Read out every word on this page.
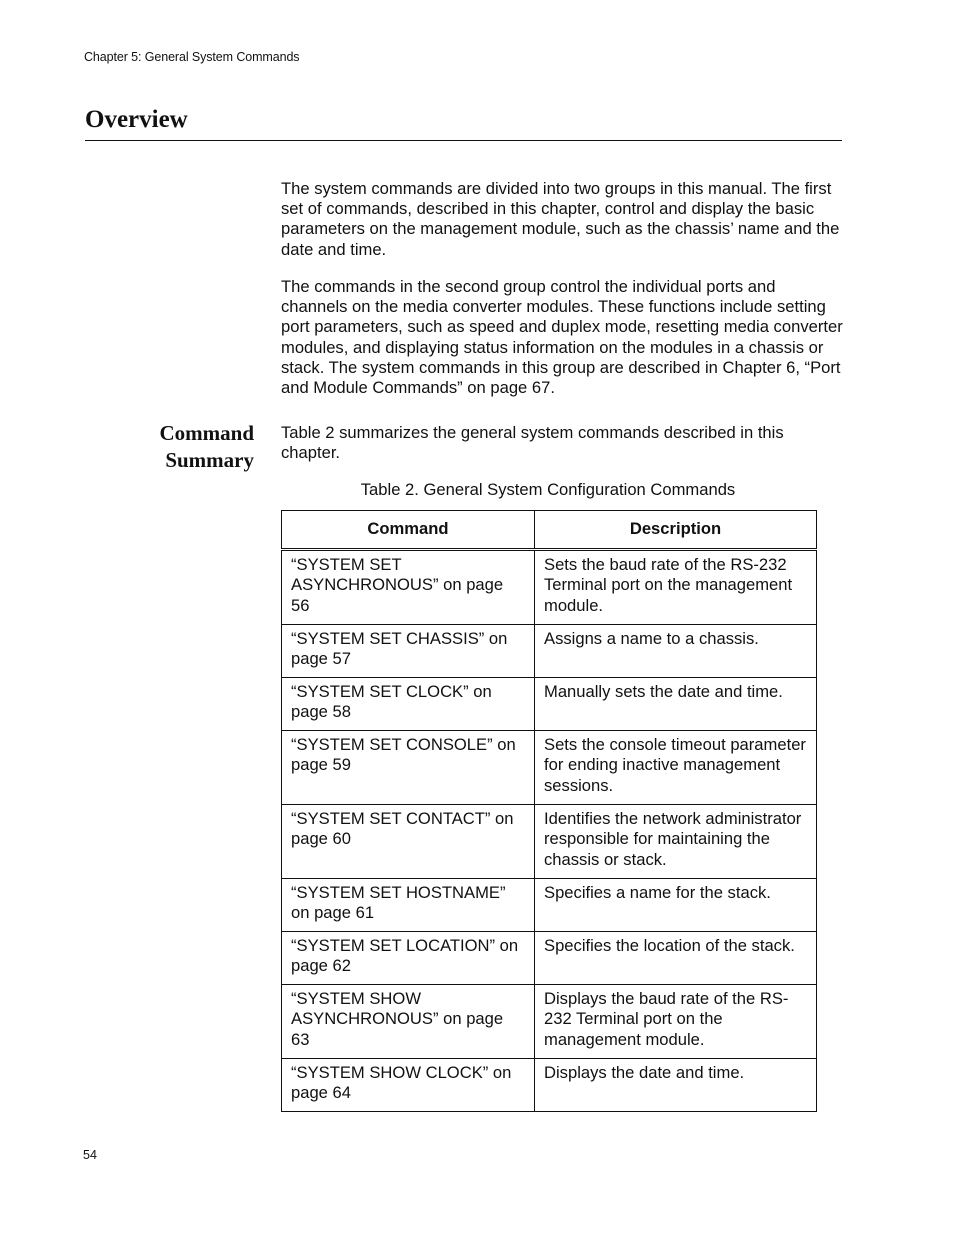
Chapter 5: General System Commands
Overview

The system commands are divided into two groups in this manual. The first set of commands, described in this chapter, control and display the basic parameters on the management module, such as the chassis’ name and the date and time.

The commands in the second group control the individual ports and channels on the media converter modules. These functions include setting port parameters, such as speed and duplex mode, resetting media converter modules, and displaying status information on the modules in a chassis or stack. The system commands in this group are described in Chapter 6, “Port and Module Commands” on page 67.

Command
Summary

Table 2 summarizes the general system commands described in this chapter.

Table 2. General System Configuration Commands

Command	Description
“SYSTEM SET ASYNCHRONOUS” on page 56	Sets the baud rate of the RS-232 Terminal port on the management module.
“SYSTEM SET CHASSIS” on page 57	Assigns a name to a chassis.
“SYSTEM SET CLOCK” on page 58	Manually sets the date and time.
“SYSTEM SET CONSOLE” on page 59	Sets the console timeout parameter for ending inactive management sessions.
“SYSTEM SET CONTACT” on page 60	Identifies the network administrator responsible for maintaining the chassis or stack.
“SYSTEM SET HOSTNAME” on page 61	Specifies a name for the stack.
“SYSTEM SET LOCATION” on page 62	Specifies the location of the stack.
“SYSTEM SHOW ASYNCHRONOUS” on page 63	Displays the baud rate of the RS-232 Terminal port on the management module.
“SYSTEM SHOW CLOCK” on page 64	Displays the date and time.
54
